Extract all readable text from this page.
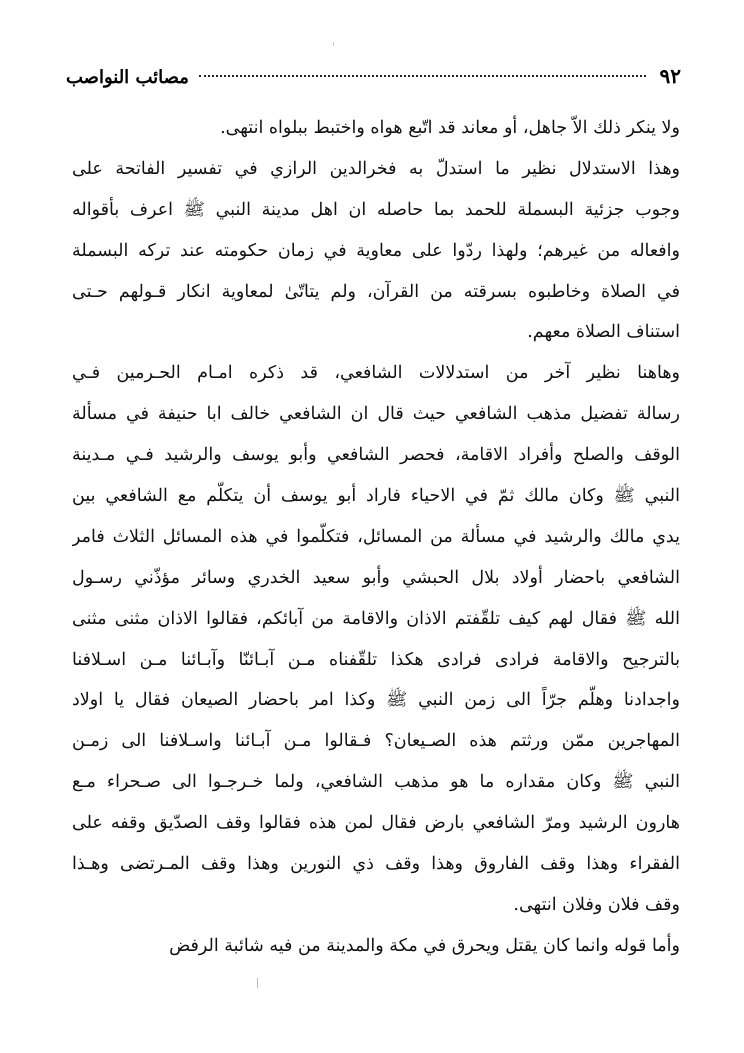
٩٢
مصائب النواصب
ولا ينكر ذلك الاّ جاهل، أو معاند قد اتّبع هواه واختبط ببلواه انتهى.
وهذا الاستدلال نظير ما استدلّ به فخرالدين الرازي في تفسير الفاتحة على
وجوب جزئية البسملة للحمد بما حاصله ان اهل مدينة النبي ﷺ اعرف بأقواله
وافعاله من غيرهم؛ ولهذا ردّوا على معاوية في زمان حكومته عند تركه البسملة
في الصلاة وخاطبوه بسرقته من القرآن، ولم يتاتّىٰ لمعاوية انكار قـولهم حـتى
استناف الصلاة معهم.
وهاهنا نظير آخر من استدلالات الشافعي، قد ذكره امـام الحـرمين فـي
رسالة تفضيل مذهب الشافعي حيث قال ان الشافعي خالف ابا حنيفة في مسألة
الوقف والصلح وأفراد الاقامة، فحصر الشافعي وأبو يوسف والرشيد فـي مـدينة
النبي ﷺ وكان مالك ثمّ في الاحياء فاراد أبو يوسف أن يتكلّم مع الشافعي بين
يدي مالك والرشيد في مسألة من المسائل، فتكلّموا في هذه المسائل الثلاث فامر
الشافعي باحضار أولاد بلال الحبشي وأبو سعيد الخدري وسائر مؤذّني رسـول
الله ﷺ فقال لهم كيف تلقّفتم الاذان والاقامة من آبائكم، فقالوا الاذان مثنى مثنى
بالترجيح والاقامة فرادى فرادى هكذا تلقّفناه مـن آبـائنّا وآبـائنا مـن اسـلافنا
واجدادنا وهلّم جرّاً الى زمن النبي ﷺ وكذا امر باحضار الصيعان فقال يا اولاد
المهاجرين ممّن ورثتم هذه الصـيعان؟ فـقالوا مـن آبـائنا واسـلافنا الى زمـن
النبي ﷺ وكان مقداره ما هو مذهب الشافعي، ولما خـرجـوا الى صـحراء مـع
هارون الرشيد ومرّ الشافعي بارض فقال لمن هذه فقالوا وقف الصدّيق وقفه على
الفقراء وهذا وقف الفاروق وهذا وقف ذي النورين وهذا وقف المـرتضى وهـذا
وقف فلان وفلان انتهى.
وأما قوله وانما كان يقتل ويحرق في مكة والمدينة من فيه شائبة الرفض
